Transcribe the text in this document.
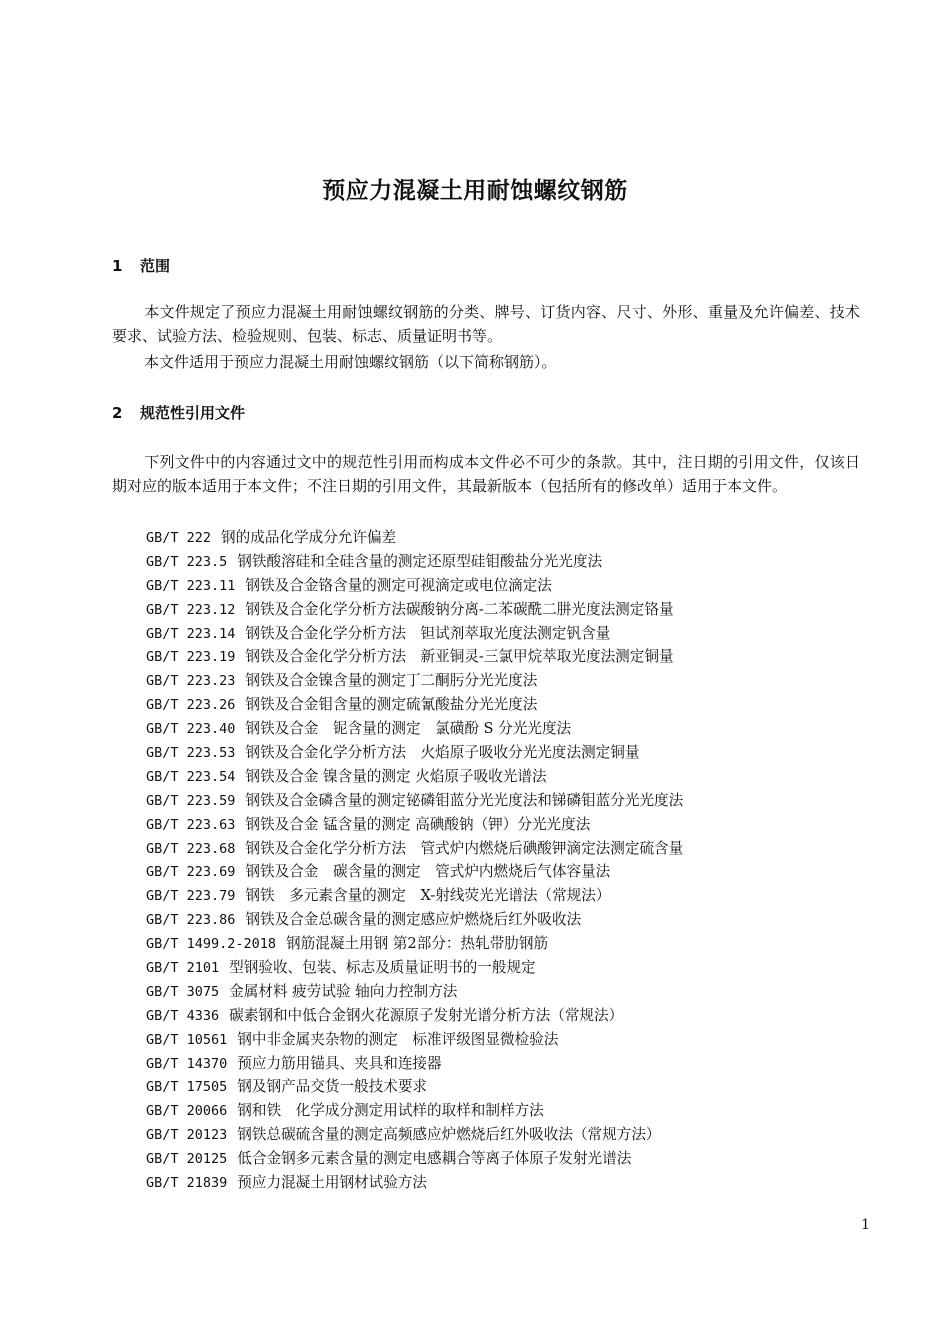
预应力混凝土用耐蚀螺纹钢筋
1 范围
本文件规定了预应力混凝土用耐蚀螺纹钢筋的分类、牌号、订货内容、尺寸、外形、重量及允许偏差、技术要求、试验方法、检验规则、包装、标志、质量证明书等。
本文件适用于预应力混凝土用耐蚀螺纹钢筋（以下简称钢筋）。
2 规范性引用文件
下列文件中的内容通过文中的规范性引用而构成本文件必不可少的条款。其中，注日期的引用文件，仅该日期对应的版本适用于本文件；不注日期的引用文件，其最新版本（包括所有的修改单）适用于本文件。
GB/T 222 钢的成品化学成分允许偏差
GB/T 223.5 钢铁酸溶硅和全硅含量的测定还原型硅钼酸盐分光光度法
GB/T 223.11 钢铁及合金铬含量的测定可视滴定或电位滴定法
GB/T 223.12 钢铁及合金化学分析方法碳酸钠分离-二苯碳酰二肼光度法测定铬量
GB/T 223.14 钢铁及合金化学分析方法　钽试剂萃取光度法测定钒含量
GB/T 223.19 钢铁及合金化学分析方法　新亚铜灵-三氯甲烷萃取光度法测定铜量
GB/T 223.23 钢铁及合金镍含量的测定丁二酮肟分光光度法
GB/T 223.26 钢铁及合金钼含量的测定硫氰酸盐分光光度法
GB/T 223.40 钢铁及合金　铌含量的测定　氯磺酚 S 分光光度法
GB/T 223.53 钢铁及合金化学分析方法　火焰原子吸收分光光度法测定铜量
GB/T 223.54 钢铁及合金 镍含量的测定 火焰原子吸收光谱法
GB/T 223.59 钢铁及合金磷含量的测定铋磷钼蓝分光光度法和锑磷钼蓝分光光度法
GB/T 223.63 钢铁及合金 锰含量的测定 高碘酸钠（钾）分光光度法
GB/T 223.68 钢铁及合金化学分析方法　管式炉内燃烧后碘酸钾滴定法测定硫含量
GB/T 223.69 钢铁及合金　碳含量的测定　管式炉内燃烧后气体容量法
GB/T 223.79 钢铁　多元素含量的测定　X-射线荧光光谱法（常规法）
GB/T 223.86 钢铁及合金总碳含量的测定感应炉燃烧后红外吸收法
GB/T 1499.2-2018 钢筋混凝土用钢 第2部分：热轧带肋钢筋
GB/T 2101 型钢验收、包装、标志及质量证明书的一般规定
GB/T 3075 金属材料 疲劳试验 轴向力控制方法
GB/T 4336 碳素钢和中低合金钢火花源原子发射光谱分析方法（常规法）
GB/T 10561 钢中非金属夹杂物的测定　标准评级图显微检验法
GB/T 14370 预应力筋用锚具、夹具和连接器
GB/T 17505 钢及钢产品交货一般技术要求
GB/T 20066 钢和铁　化学成分测定用试样的取样和制样方法
GB/T 20123 钢铁总碳硫含量的测定高频感应炉燃烧后红外吸收法（常规方法）
GB/T 20125 低合金钢多元素含量的测定电感耦合等离子体原子发射光谱法
GB/T 21839 预应力混凝土用钢材试验方法
1
